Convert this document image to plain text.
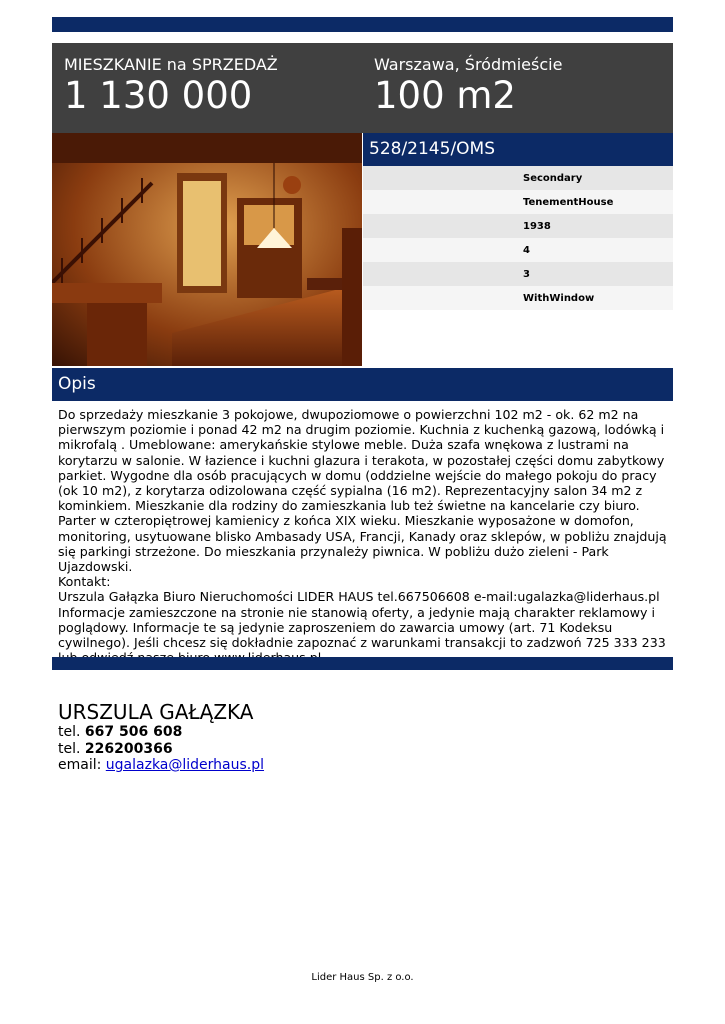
MIESZKANIE na SPRZEDAŻ
1 130 000
Warszawa, Śródmieście
100 m2
528/2145/OMS
Secondary
TenementHouse
1938
4
3
WithWindow
Opis

Do sprzedaży mieszkanie 3 pokojowe, dwupoziomowe o powierzchni 102 m2 - ok. 62 m2 na pierwszym poziomie i ponad 42 m2 na drugim poziomie. Kuchnia z kuchenką gazową, lodówką i mikrofalą . Umeblowane: amerykańskie stylowe meble. Duża szafa wnękowa z lustrami na korytarzu w salonie. W łazience i kuchni glazura i terakota, w pozostałej części domu zabytkowy parkiet. Wygodne dla osób pracujących w domu (oddzielne wejście do małego pokoju do pracy (ok 10 m2), z korytarza odizolowana część sypialna (16 m2). Reprezentacyjny salon 34 m2 z kominkiem. Mieszkanie dla rodziny do zamieszkania lub też świetne na kancelarie czy biuro. Parter w czteropiętrowej kamienicy z końca XIX wieku. Mieszkanie wyposażone w domofon, monitoring, usytuowane blisko Ambasady USA, Francji, Kanady oraz sklepów, w pobliżu znajdują się parkingi strzeżone. Do mieszkania przynależy piwnica. W pobliżu dużo zieleni - Park Ujazdowski.
Kontakt:
Urszula Gałązka Biuro Nieruchomości LIDER HAUS tel.667506608 e-mail:ugalazka@liderhaus.pl
Informacje zamieszczone na stronie nie stanowią oferty, a jedynie mają charakter reklamowy i poglądowy. Informacje te są jedynie zaproszeniem do zawarcia umowy (art. 71 Kodeksu cywilnego). Jeśli chcesz się dokładnie zapoznać z warunkami transakcji to zadzwoń 725 333 233

URSZULA GAŁĄZKA
tel. 667 506 608
tel. 226200366
email: ugalazka@liderhaus.pl
Lider Haus Sp. z o.o.
